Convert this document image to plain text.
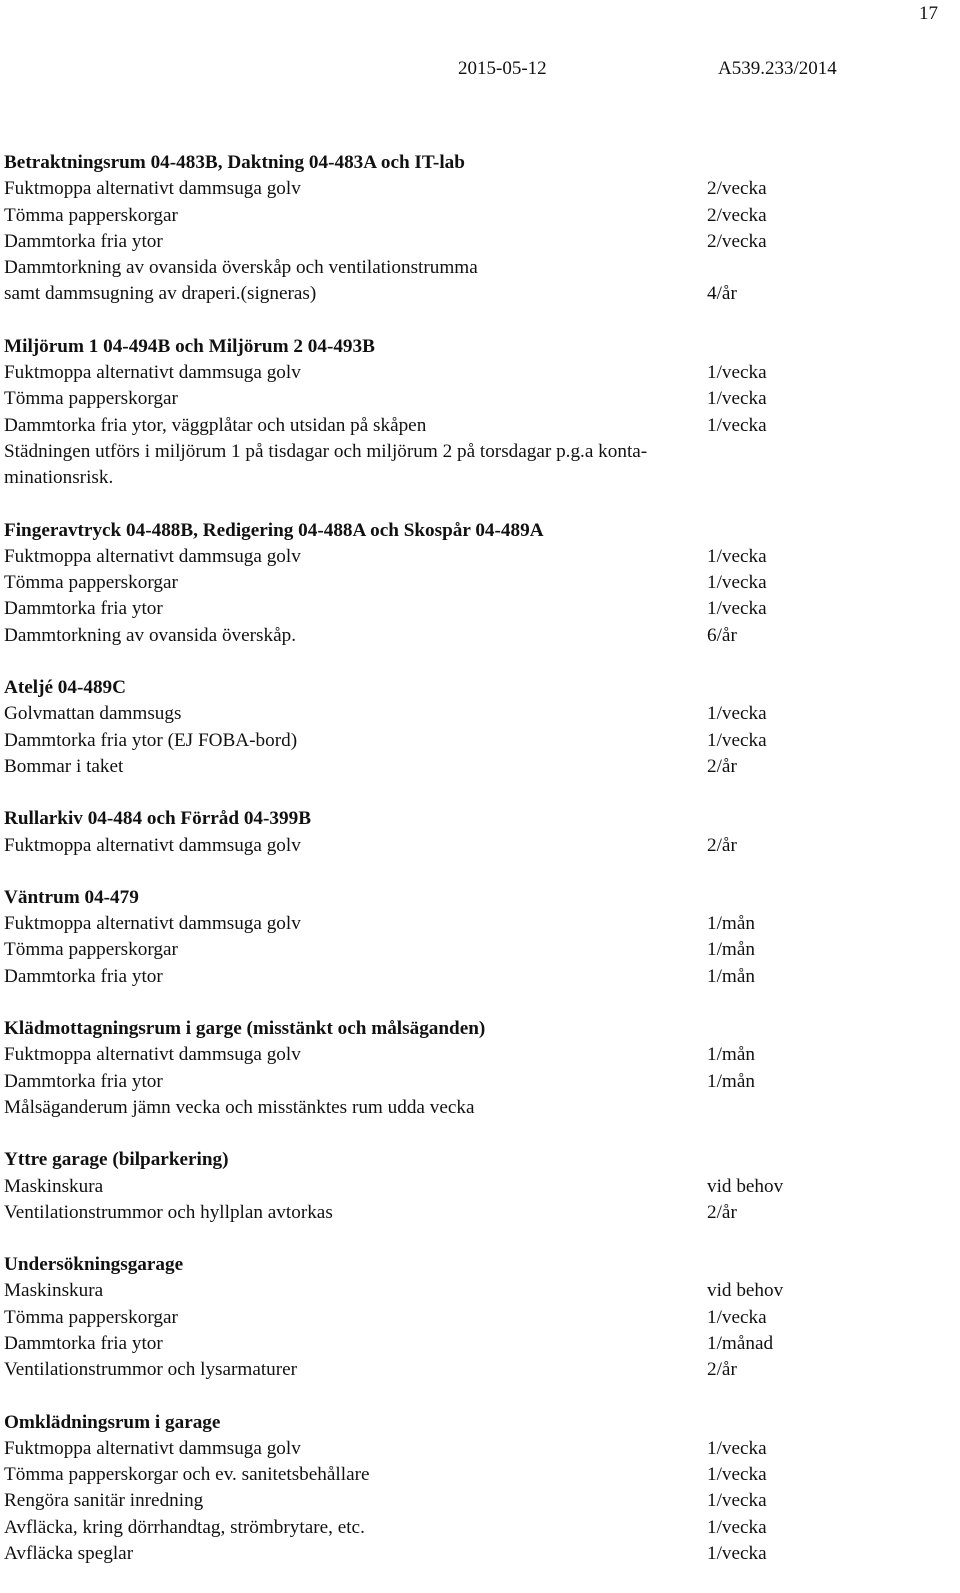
17
2015-05-12	A539.233/2014
Betraktningsrum 04-483B, Daktning 04-483A och IT-lab
Fuktmoppa alternativt dammsuga golv	2/vecka
Tömma papperskorgar	2/vecka
Dammtorka fria ytor	2/vecka
Dammtorkning av ovansida överskåp och ventilationstrumma
samt dammsugning av draperi.(signeras)	4/år
Miljörum 1 04-494B och Miljörum 2 04-493B
Fuktmoppa alternativt dammsuga golv	1/vecka
Tömma papperskorgar	1/vecka
Dammtorka fria ytor, väggplåtar och utsidan på skåpen	1/vecka
Städningen utförs i miljörum 1 på tisdagar och miljörum 2 på torsdagar p.g.a konta-
minationsrisk.
Fingeravtryck 04-488B, Redigering 04-488A och Skospår 04-489A
Fuktmoppa alternativt dammsuga golv	1/vecka
Tömma papperskorgar	1/vecka
Dammtorka fria ytor	1/vecka
Dammtorkning av ovansida överskåp.	6/år
Ateljé 04-489C
Golvmattan dammsugs	1/vecka
Dammtorka fria ytor (EJ FOBA-bord)	1/vecka
Bommar i taket	2/år
Rullarkiv 04-484 och Förråd 04-399B
Fuktmoppa alternativt dammsuga golv	2/år
Väntrum 04-479
Fuktmoppa alternativt dammsuga golv	1/mån
Tömma papperskorgar	1/mån
Dammtorka fria ytor	1/mån
Klädmottagningsrum i garge (misstänkt och målsäganden)
Fuktmoppa alternativt dammsuga golv	1/mån
Dammtorka fria ytor	1/mån
Målsäganderum jämn vecka och misstänktes rum udda vecka
Yttre garage (bilparkering)
Maskinskura	vid behov
Ventilationstrummor och hyllplan avtorkas	2/år
Undersökningsgarage
Maskinskura	vid behov
Tömma papperskorgar	1/vecka
Dammtorka fria ytor	1/månad
Ventilationstrummor och lysarmaturer	2/år
Omklädningsrum i garage
Fuktmoppa alternativt dammsuga golv	1/vecka
Tömma papperskorgar och ev. sanitetsbehållare	1/vecka
Rengöra sanitär inredning	1/vecka
Avfläcka, kring dörrhandtag, strömbrytare, etc.	1/vecka
Avfläcka speglar	1/vecka
